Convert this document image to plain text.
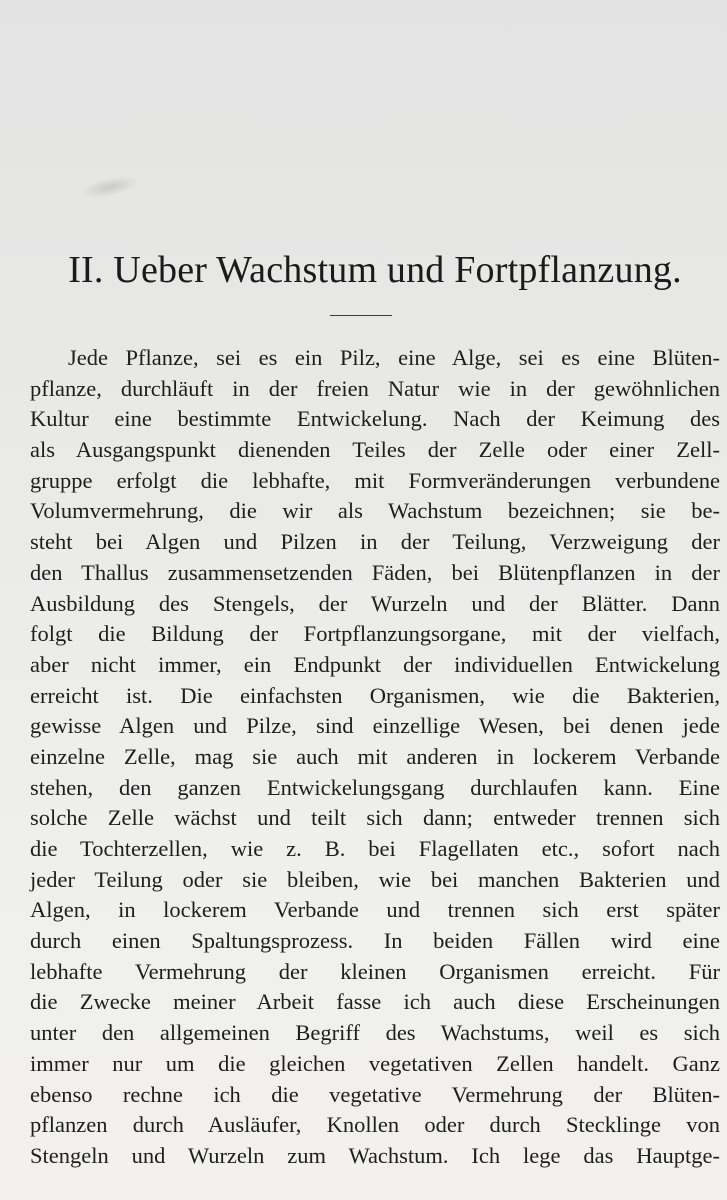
II. Ueber Wachstum und Fortpflanzung.
Jede Pflanze, sei es ein Pilz, eine Alge, sei es eine Blüten-
pflanze, durchläuft in der freien Natur wie in der gewöhnlichen
Kultur eine bestimmte Entwickelung. Nach der Keimung des
als Ausgangspunkt dienenden Teiles der Zelle oder einer Zell-
gruppe erfolgt die lebhafte, mit Formveränderungen verbundene
Volumvermehrung, die wir als Wachstum bezeichnen; sie be-
steht bei Algen und Pilzen in der Teilung, Verzweigung der
den Thallus zusammensetzenden Fäden, bei Blütenpflanzen in der
Ausbildung des Stengels, der Wurzeln und der Blätter. Dann
folgt die Bildung der Fortpflanzungsorgane, mit der vielfach,
aber nicht immer, ein Endpunkt der individuellen Entwickelung
erreicht ist. Die einfachsten Organismen, wie die Bakterien,
gewisse Algen und Pilze, sind einzellige Wesen, bei denen jede
einzelne Zelle, mag sie auch mit anderen in lockerem Verbande
stehen, den ganzen Entwickelungsgang durchlaufen kann. Eine
solche Zelle wächst und teilt sich dann; entweder trennen sich
die Tochterzellen, wie z. B. bei Flagellaten etc., sofort nach
jeder Teilung oder sie bleiben, wie bei manchen Bakterien und
Algen, in lockerem Verbande und trennen sich erst später
durch einen Spaltungsprozess. In beiden Fällen wird eine
lebhafte Vermehrung der kleinen Organismen erreicht. Für
die Zwecke meiner Arbeit fasse ich auch diese Erscheinungen
unter den allgemeinen Begriff des Wachstums, weil es sich
immer nur um die gleichen vegetativen Zellen handelt. Ganz
ebenso rechne ich die vegetative Vermehrung der Blüten-
pflanzen durch Ausläufer, Knollen oder durch Stecklinge von
Stengeln und Wurzeln zum Wachstum. Ich lege das Hauptge-
